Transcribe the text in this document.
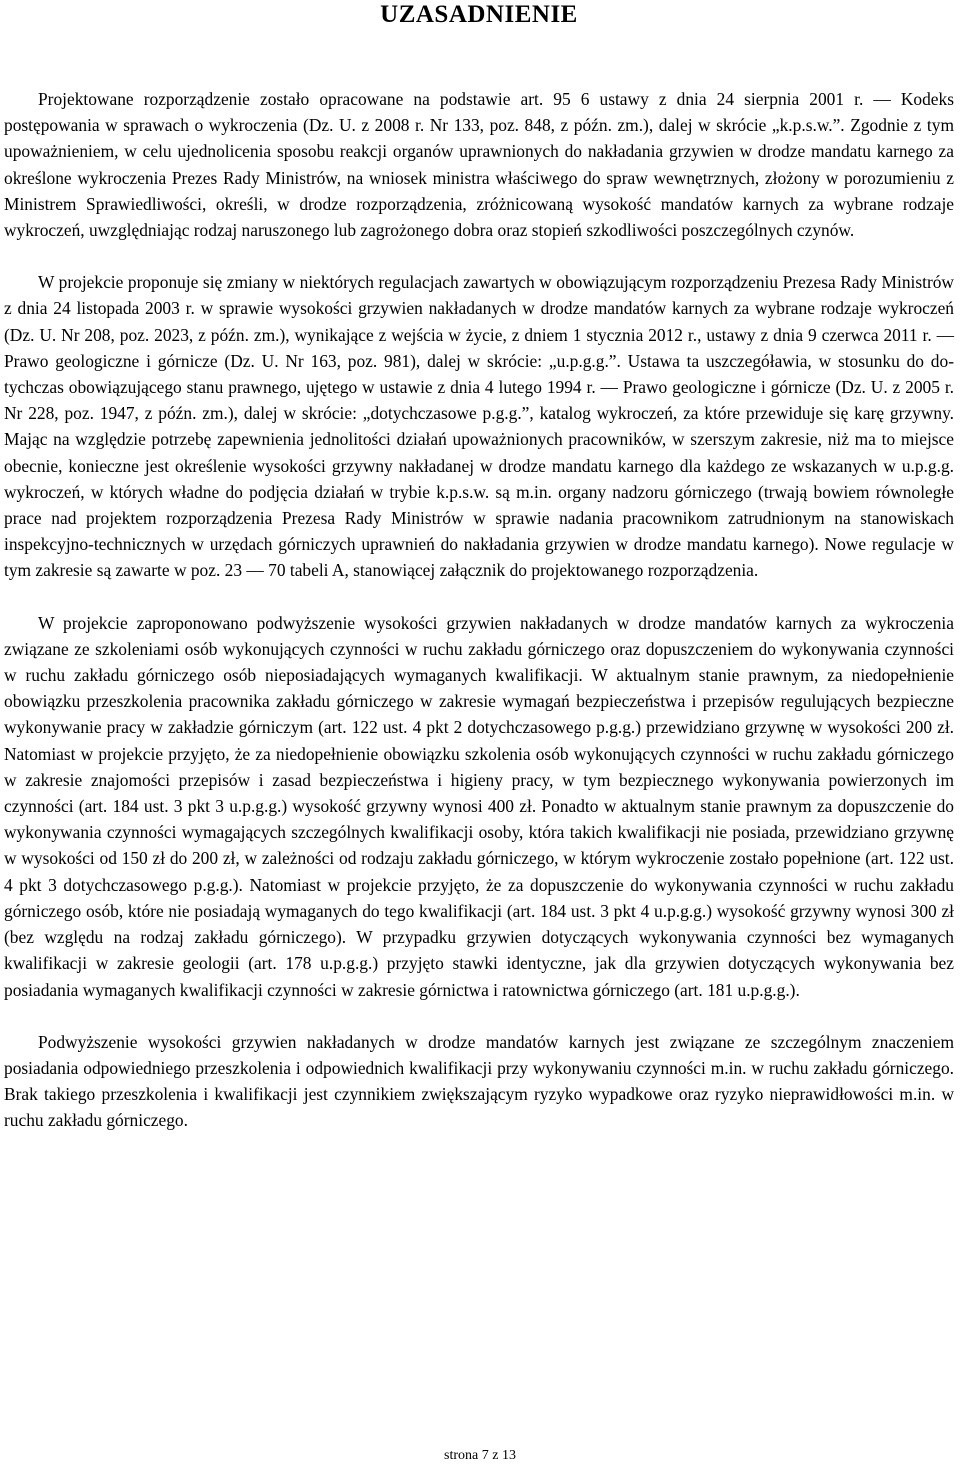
UZASADNIENIE

Projektowane rozporządzenie zostało opracowane na podstawie art. 95 6 ustawy z dnia 24 sierpnia 2001 r. — Kodeks postępowania w sprawach o wykroczenia (Dz. U. z 2008 r. Nr 133, poz. 848, z późn. zm.), dalej w skrócie „k.p.s.w.”. Zgodnie z tym upoważnieniem, w celu ujednolicenia sposobu reakcji organów uprawnionych do nakładania grzywien w drodze mandatu karnego za określone wykroczenia Prezes Rady Ministrów, na wniosek ministra właściwego do spraw wewnętrznych, złożony w porozumieniu z Ministrem Sprawiedliwości, określi, w drodze rozporządzenia, zróżnicowaną wysokość mandatów karnych za wybrane rodzaje wykroczeń, uwzględniając rodzaj naruszonego lub zagrożonego dobra oraz stopień szkodliwości poszczególnych czynów.

W projekcie proponuje się zmiany w niektórych regulacjach zawartych w obowiązującym rozporządzeniu Prezesa Rady Ministrów z dnia 24 listopada 2003 r. w sprawie wysokości grzywien nakładanych w drodze mandatów karnych za wybrane rodzaje wykroczeń (Dz. U. Nr 208, poz. 2023, z późn. zm.), wynikające z wejścia w życie, z dniem 1 stycznia 2012 r., ustawy z dnia 9 czerwca 2011 r. — Prawo geologiczne i górnicze (Dz. U. Nr 163, poz. 981), dalej w skrócie: „u.p.g.g.”. Ustawa ta uszczegóławia, w stosunku do dotychczas obowiązującego stanu prawnego, ujętego w ustawie z dnia 4 lutego 1994 r. — Prawo geologiczne i górnicze (Dz. U. z 2005 r. Nr 228, poz. 1947, z późn. zm.), dalej w skrócie: „dotychczasowe p.g.g.”, katalog wykroczeń, za które przewiduje się karę grzywny. Mając na względzie potrzebę zapewnienia jednolitości działań upoważnionych pracowników, w szerszym zakresie, niż ma to miejsce obecnie, konieczne jest określenie wysokości grzywny nakładanej w drodze mandatu karnego dla każdego ze wskazanych w u.p.g.g. wykroczeń, w których władne do podjęcia działań w trybie k.p.s.w. są m.in. organy nadzoru górniczego (trwają bowiem równoległe prace nad projektem rozporządzenia Prezesa Rady Ministrów w sprawie nadania pracownikom zatrudnionym na stanowiskach inspekcyjno-technicznych w urzędach górniczych uprawnień do nakładania grzywien w drodze mandatu karnego). Nowe regulacje w tym zakresie są zawarte w poz. 23 — 70 tabeli A, stanowiącej załącznik do projektowanego rozporządzenia.

W projekcie zaproponowano podwyższenie wysokości grzywien nakładanych w drodze mandatów karnych za wykroczenia związane ze szkoleniami osób wykonujących czynności w ruchu zakładu górniczego oraz dopuszczeniem do wykonywania czynności w ruchu zakładu górniczego osób nieposiadających wymaganych kwalifikacji. W aktualnym stanie prawnym, za niedopełnienie obowiązku przeszkolenia pracownika zakładu górniczego w zakresie wymagań bezpieczeństwa i przepisów regulujących bezpieczne wykonywanie pracy w zakładzie górniczym (art. 122 ust. 4 pkt 2 dotychczasowego p.g.g.) przewidziano grzywnę w wysokości 200 zł. Natomiast w projekcie przyjęto, że za niedopełnienie obowiązku szkolenia osób wykonujących czynności w ruchu zakładu górniczego w zakresie znajomości przepisów i zasad bezpieczeństwa i higieny pracy, w tym bezpiecznego wykonywania powierzonych im czynności (art. 184 ust. 3 pkt 3 u.p.g.g.) wysokość grzywny wynosi 400 zł. Ponadto w aktualnym stanie prawnym za dopuszczenie do wykonywania czynności wymagających szczególnych kwalifikacji osoby, która takich kwalifikacji nie posiada, przewidziano grzywnę w wysokości od 150 zł do 200 zł, w zależności od rodzaju zakładu górniczego, w którym wykroczenie zostało popełnione (art. 122 ust. 4 pkt 3 dotychczasowego p.g.g.). Natomiast w projekcie przyjęto, że za dopuszczenie do wykonywania czynności w ruchu zakładu górniczego osób, które nie posiadają wymaganych do tego kwalifikacji (art. 184 ust. 3 pkt 4 u.p.g.g.) wysokość grzywny wynosi 300 zł (bez względu na rodzaj zakładu górniczego). W przypadku grzywien dotyczących wykonywania czynności bez wymaganych kwalifikacji w zakresie geologii (art. 178 u.p.g.g.) przyjęto stawki identyczne, jak dla grzywien dotyczących wykonywania bez posiadania wymaganych kwalifikacji czynności w zakresie górnictwa i ratownictwa górniczego (art. 181 u.p.g.g.).

Podwyższenie wysokości grzywien nakładanych w drodze mandatów karnych jest związane ze szczególnym znaczeniem posiadania odpowiedniego przeszkolenia i odpowiednich kwalifikacji przy wykonywaniu czynności m.in. w ruchu zakładu górniczego. Brak takiego przeszkolenia i kwalifikacji jest czynnikiem zwiększającym ryzyko wypadkowe oraz ryzyko nieprawidłowości m.in. w ruchu zakładu górniczego.

strona 7 z 13
